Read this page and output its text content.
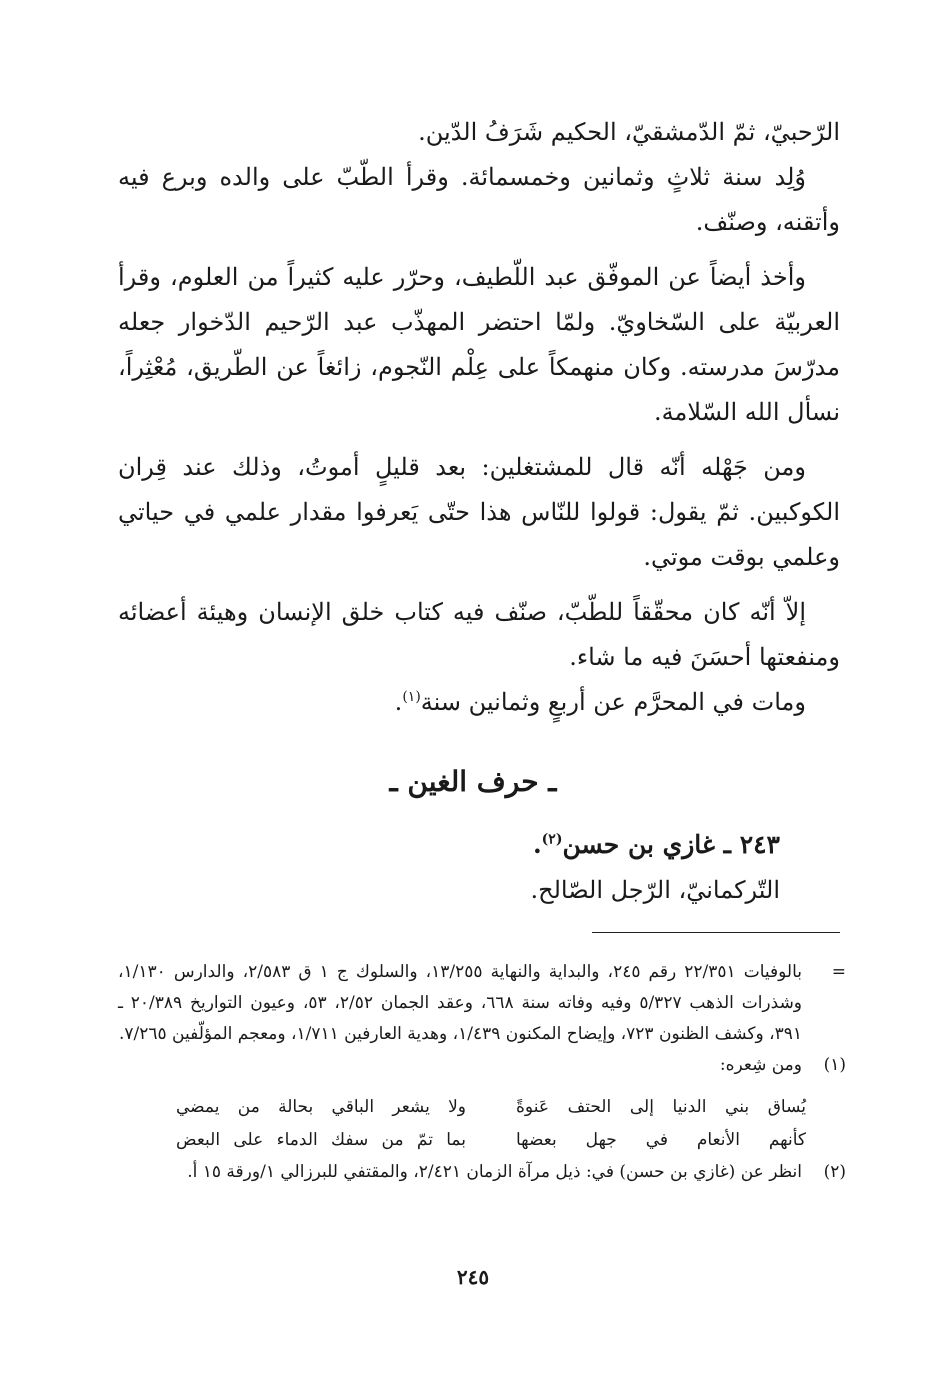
الرّحبيّ، ثمّ الدّمشقيّ، الحكيم شَرَفُ الدّين.

وُلِد سنة ثلاثٍ وثمانين وخمسمائة. وقرأ الطّبّ على والده وبرع فيه وأتقنه، وصنّف.

وأخذ أيضاً عن الموفّق عبد اللّطيف، وحرّر عليه كثيراً من العلوم، وقرأ العربيّة على السّخاويّ. ولمّا احتضر المهذّب عبد الرّحيم الدّخوار جعله مدرّسَ مدرسته. وكان منهمكاً على عِلْم النّجوم، زائغاً عن الطّريق، مُعْثِراً، نسأل الله السّلامة.

ومن جَهْله أنّه قال للمشتغلين: بعد قليلٍ أموتُ، وذلك عند قِران الكوكبين. ثمّ يقول: قولوا للنّاس هذا حتّى يَعرفوا مقدار علمي في حياتي وعلمي بوقت موتي.

إلاّ أنّه كان محقّقاً للطّبّ، صنّف فيه كتاب خلق الإنسان وهيئة أعضائه ومنفعتها أحسَنَ فيه ما شاء.

ومات في المحرَّم عن أربعٍ وثمانين سنة$^{(١)}$.

ـ حرف الغين ـ

٢٤٣ ـ غازي بن حسن$^{(٢)}$.

التّركمانيّ، الرّجل الصّالح.

=
بالوفيات ٢٢/٣٥١ رقم ٢٤٥، والبداية والنهاية ١٣/٢٥٥، والسلوك ج ١ ق ٢/٥٨٣، والدارس ١/١٣٠، وشذرات الذهب ٥/٣٢٧ وفيه وفاته سنة ٦٦٨، وعقد الجمان ٢/٥٢، ٥٣، وعيون التواريخ ٢٠/٣٨٩ ـ ٣٩١، وكشف الظنون ٧٢٣، وإيضاح المكنون ١/٤٣٩، وهدية العارفين ١/٧١١، ومعجم المؤلّفين ٧/٢٦٥.
(١)

ومن شِعره:

يُساق بني الدنيا إلى الحتف عَنوةً
ولا يشعر الباقي بحالة من يمضي
كأنهم الأنعام في جهل بعضها
بما تمّ من سفك الدماء على البعض
(٢)
انظر عن (غازي بن حسن) في: ذيل مرآة الزمان ٢/٤٢١، والمقتفي للبرزالي ١/ورقة ١٥ أ.
٢٤٥
